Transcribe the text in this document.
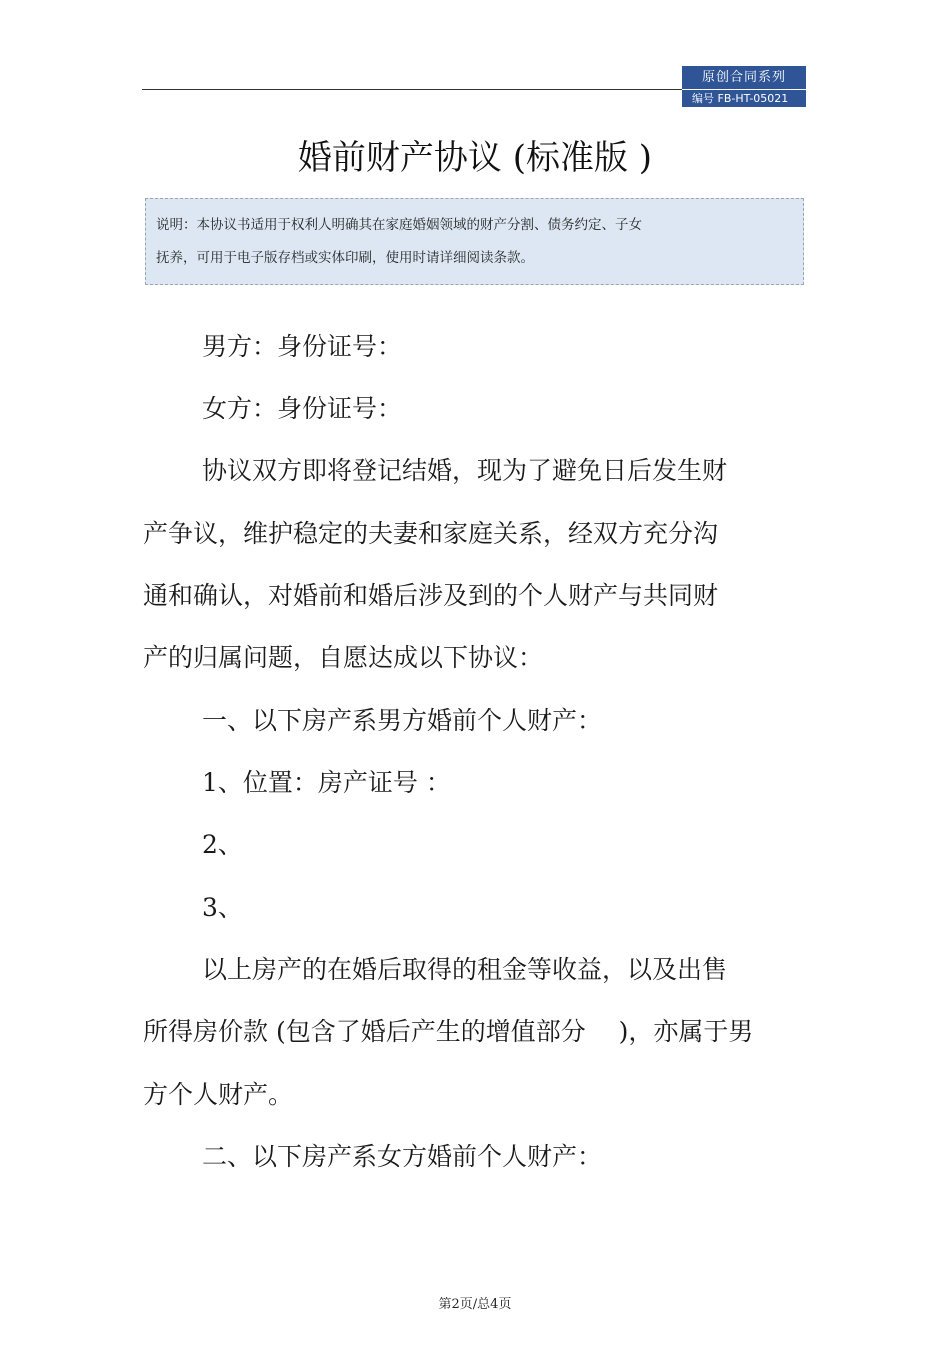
原创合同系列
编号 FB-HT-05021
婚前财产协议 (标准版 )

说明：本协议书适用于权利人明确其在家庭婚姻领域的财产分割、债务约定、子女

抚养，可用于电子版存档或实体印刷，使用时请详细阅读条款。

男方：身份证号：
女方：身份证号：
协议双方即将登记结婚，现为了避免日后发生财
产争议，维护稳定的夫妻和家庭关系，经双方充分沟
通和确认，对婚前和婚后涉及到的个人财产与共同财
产的归属问题，自愿达成以下协议：
一、以下房产系男方婚前个人财产：
1、位置：房产证号 ：
2、
3、
以上房产的在婚后取得的租金等收益，以及出售
所得房价款 (包含了婚后产生的增值部分　 )，亦属于男
方个人财产。
二、以下房产系女方婚前个人财产：
第2页/总4页
